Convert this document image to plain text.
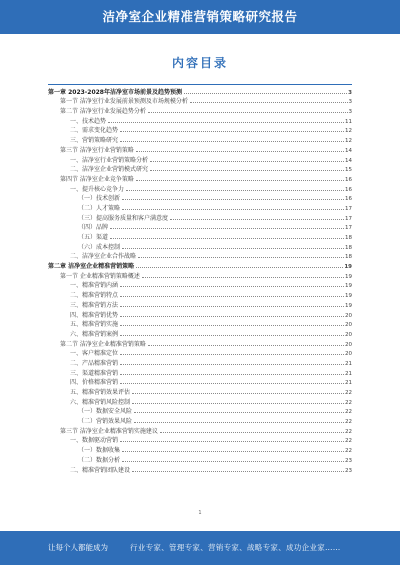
洁净室企业精准营销策略研究报告
内容目录
第一章 2023-2028年洁净室市场前景及趋势预测	3
第一节 洁净室行业发展前景预测及市场规模分析	3
第二节 洁净室行业发展趋势分析	3
一、技术趋势	11
二、需求变化趋势	12
三、营销策略研究	12
第三节 洁净室行业营销策略	14
一、洁净室行业营销策略分析	14
二、洁净室企业营销模式研究	15
第四节 洁净室企业竞争策略	16
一、提升核心竞争力	16
（一）技术创新	16
（二）人才策略	17
（三）提高服务质量和客户满意度	17
（四）品牌	17
（五）渠道	18
（六）成本控制	18
二、洁净室企业合作战略	18
第二章 洁净室企业精准营销策略	19
第一节 企业精准营销策略概述	19
一、精准营销内涵	19
二、精准营销特点	19
三、精准营销方法	19
四、精准营销优势	20
五、精准营销实施	20
六、精准营销案例	20
第二节 洁净室企业精准营销策略	20
一、客户精准定位	20
二、产品精准营销	21
三、渠道精准营销	21
四、价格精准营销	21
五、精准营销效果评估	22
六、精准营销风险控制	22
（一）数据安全风险	22
（二）营销效果风险	22
第三节 洁净室企业精准营销实施建议	22
一、数据驱动营销	22
（一）数据收集	22
（二）数据分析	23
二、精准营销团队建设	23
1
让每个人都能成为	行业专家、管理专家、营销专家、战略专家、成功企业家……
